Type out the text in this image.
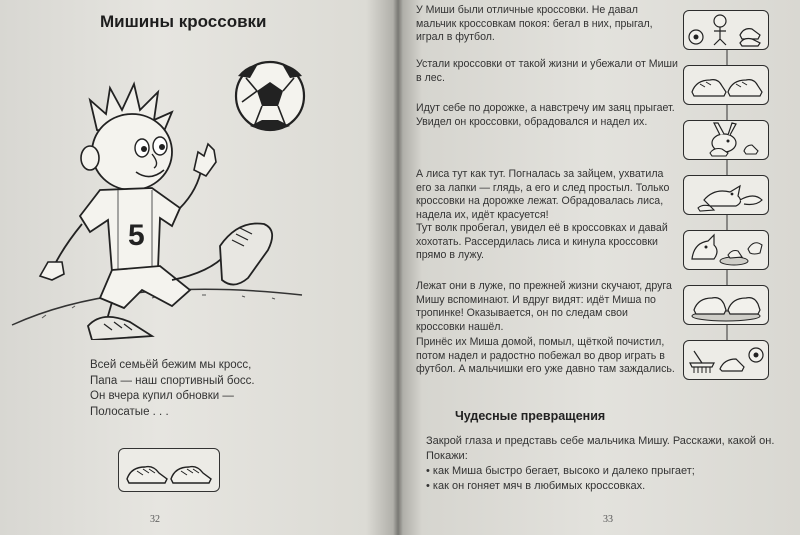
Мишины кроссовки
5
Всей семьёй бежим мы кросс,
Папа — наш спортивный босс.
Он вчера купил обновки —
Полосатые . . .
32

У Миши были отличные кроссовки. Не давал мальчик кроссовкам покоя: бегал в них, прыгал, играл в футбол.

Устали кроссовки от такой жизни и убежали от Миши в лес.

Идут себе по дорожке, а навстречу им заяц прыгает. Увидел он кроссовки, обрадовался и надел их.

А лиса тут как тут. Погналась за зайцем, ухватила его за лапки — глядь, а его и след простыл. Только кроссовки на дорожке лежат. Обрадовалась лиса, надела их, идёт красуется!

Тут волк пробегал, увидел её в кроссовках и давай хохотать. Рассердилась лиса и кинула кроссовки прямо в лужу.

Лежат они в луже, по прежней жизни скучают, друга Мишу вспоминают. И вдруг видят: идёт Миша по тропинке! Оказывается, он по следам свои кроссовки нашёл.

Принёс их Миша домой, помыл, щёткой почистил, потом надел и радостно побежал во двор играть в футбол. А мальчишки его уже давно там заждались.

Чудесные превращения
Закрой глаза и представь себе мальчика Мишу. Расскажи, какой он.
Покажи:
• как Миша быстро бегает, высоко и далеко прыгает;
• как он гоняет мяч в любимых кроссовках.
33
